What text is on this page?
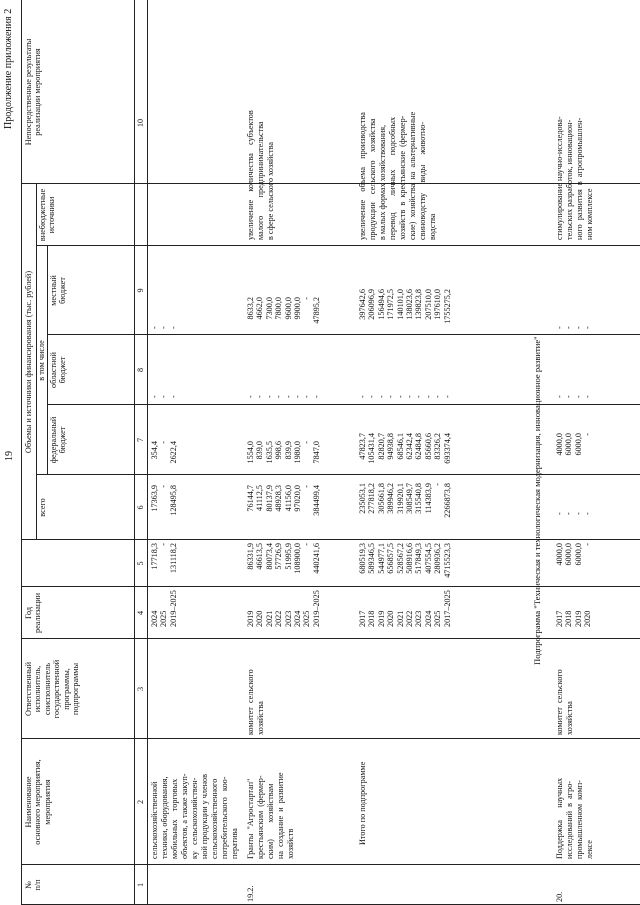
19
Продолжение приложения 2
№
п/п
Наименование
основного мероприятия,
мероприятия
Ответственный
исполнитель,
соисполнитель
государственной
программы,
подпрограммы
Год
реализации
Объемы и источники финансирования (тыс. рублей)
всего
в том числе
федеральный
бюджет
областной
бюджет
местный
бюджет
внебюджетные
источники
Непосредственные результаты
реализации мероприятия
1
2
3
4
5
6
7
8
9
10
сельскохозяйственной
техники, оборудования,
мобильных    торговых
объектов, а также закуп-
ку   сельскохозяйствен-
ной продукции у членов
сельскохозяйственного
потребительского   коо-
ператива
2024
2025
2019–2025
17718,3
-
131118,2
17363,9
-
128495,8
354,4
-
2622,4
-
-
-
-
-
-
19.2.
Гранты  "Агростартап"
крестьянским  (фермер-
ским)        хозяйствам
на  создание  и  развитие
хозяйств
комитет  сельского
хозяйства
2019
2020
2021
2022
2023
2024
2025
2019–2025
86331,9
46613,5
80073,4
57726,9
51995,9
108900,0
-
440241,6
76144,7
41112,5
80137,9
48928,3
41156,0
97020,0
-
384499,4
1554,0
839,0
1635,5
998,6
839,9
1980,0
-
7847,0
-
-
-
-
-
-
-
-
8633,2
4662,0
7300,0
7800,0
9600,0
9900,0
-
47895,2
увеличение    количества    субъектов
малого         предпринимательства
в сфере сельского хозяйства
Итого по подпрограмме
2017
2018
2019
2020
2021
2022
2023
2024
2025
2017–2025
680519,3
589346,5
544977,1
656857,5
528567,2
508916,6
517849,3
407554,5
280936,2
4715523,3
235053,1
277818,2
305661,8
389946,2
319920,1
308549,7
315540,8
114383,9
-
2266873,8
47823,7
105431,4
82820,7
94938,8
68546,1
62342,4
62484,8
85660,6
83326,2
693374,4
-
-
-
-
-
-
-
-
-
-
397642,6
206096,9
156494,6
171972,5
140101,0
138023,6
139823,8
207510,0
197610,0
1755275,2
увеличение    объема    производства
продукции    сельского    хозяйства
в малых формах хозяйствования,
перевод        личных       подсобных
хозяйств  в  крестьянские  (фермер-
ские)  хозяйства  на  альтернативные
свиноводству     виды     животно-
водства
Подпрограмма "Техническая и технологическая модернизация, инновационное развитие"
20.
Поддержка      научных
исследований  в  агро-
промышленном  комп-
лексе
комитет  сельского
хозяйства
2017
2018
2019
2020
4000,0
6000,0
6000,0
-
-
-
-
-
4000,0
6000,0
6000,0
-
-
-
-
-
-
-
-
-
стимулирование научно-исследова-
тельских разработок, инновацион-
ного  развития  в  агропромышлен-
ном комплексе
